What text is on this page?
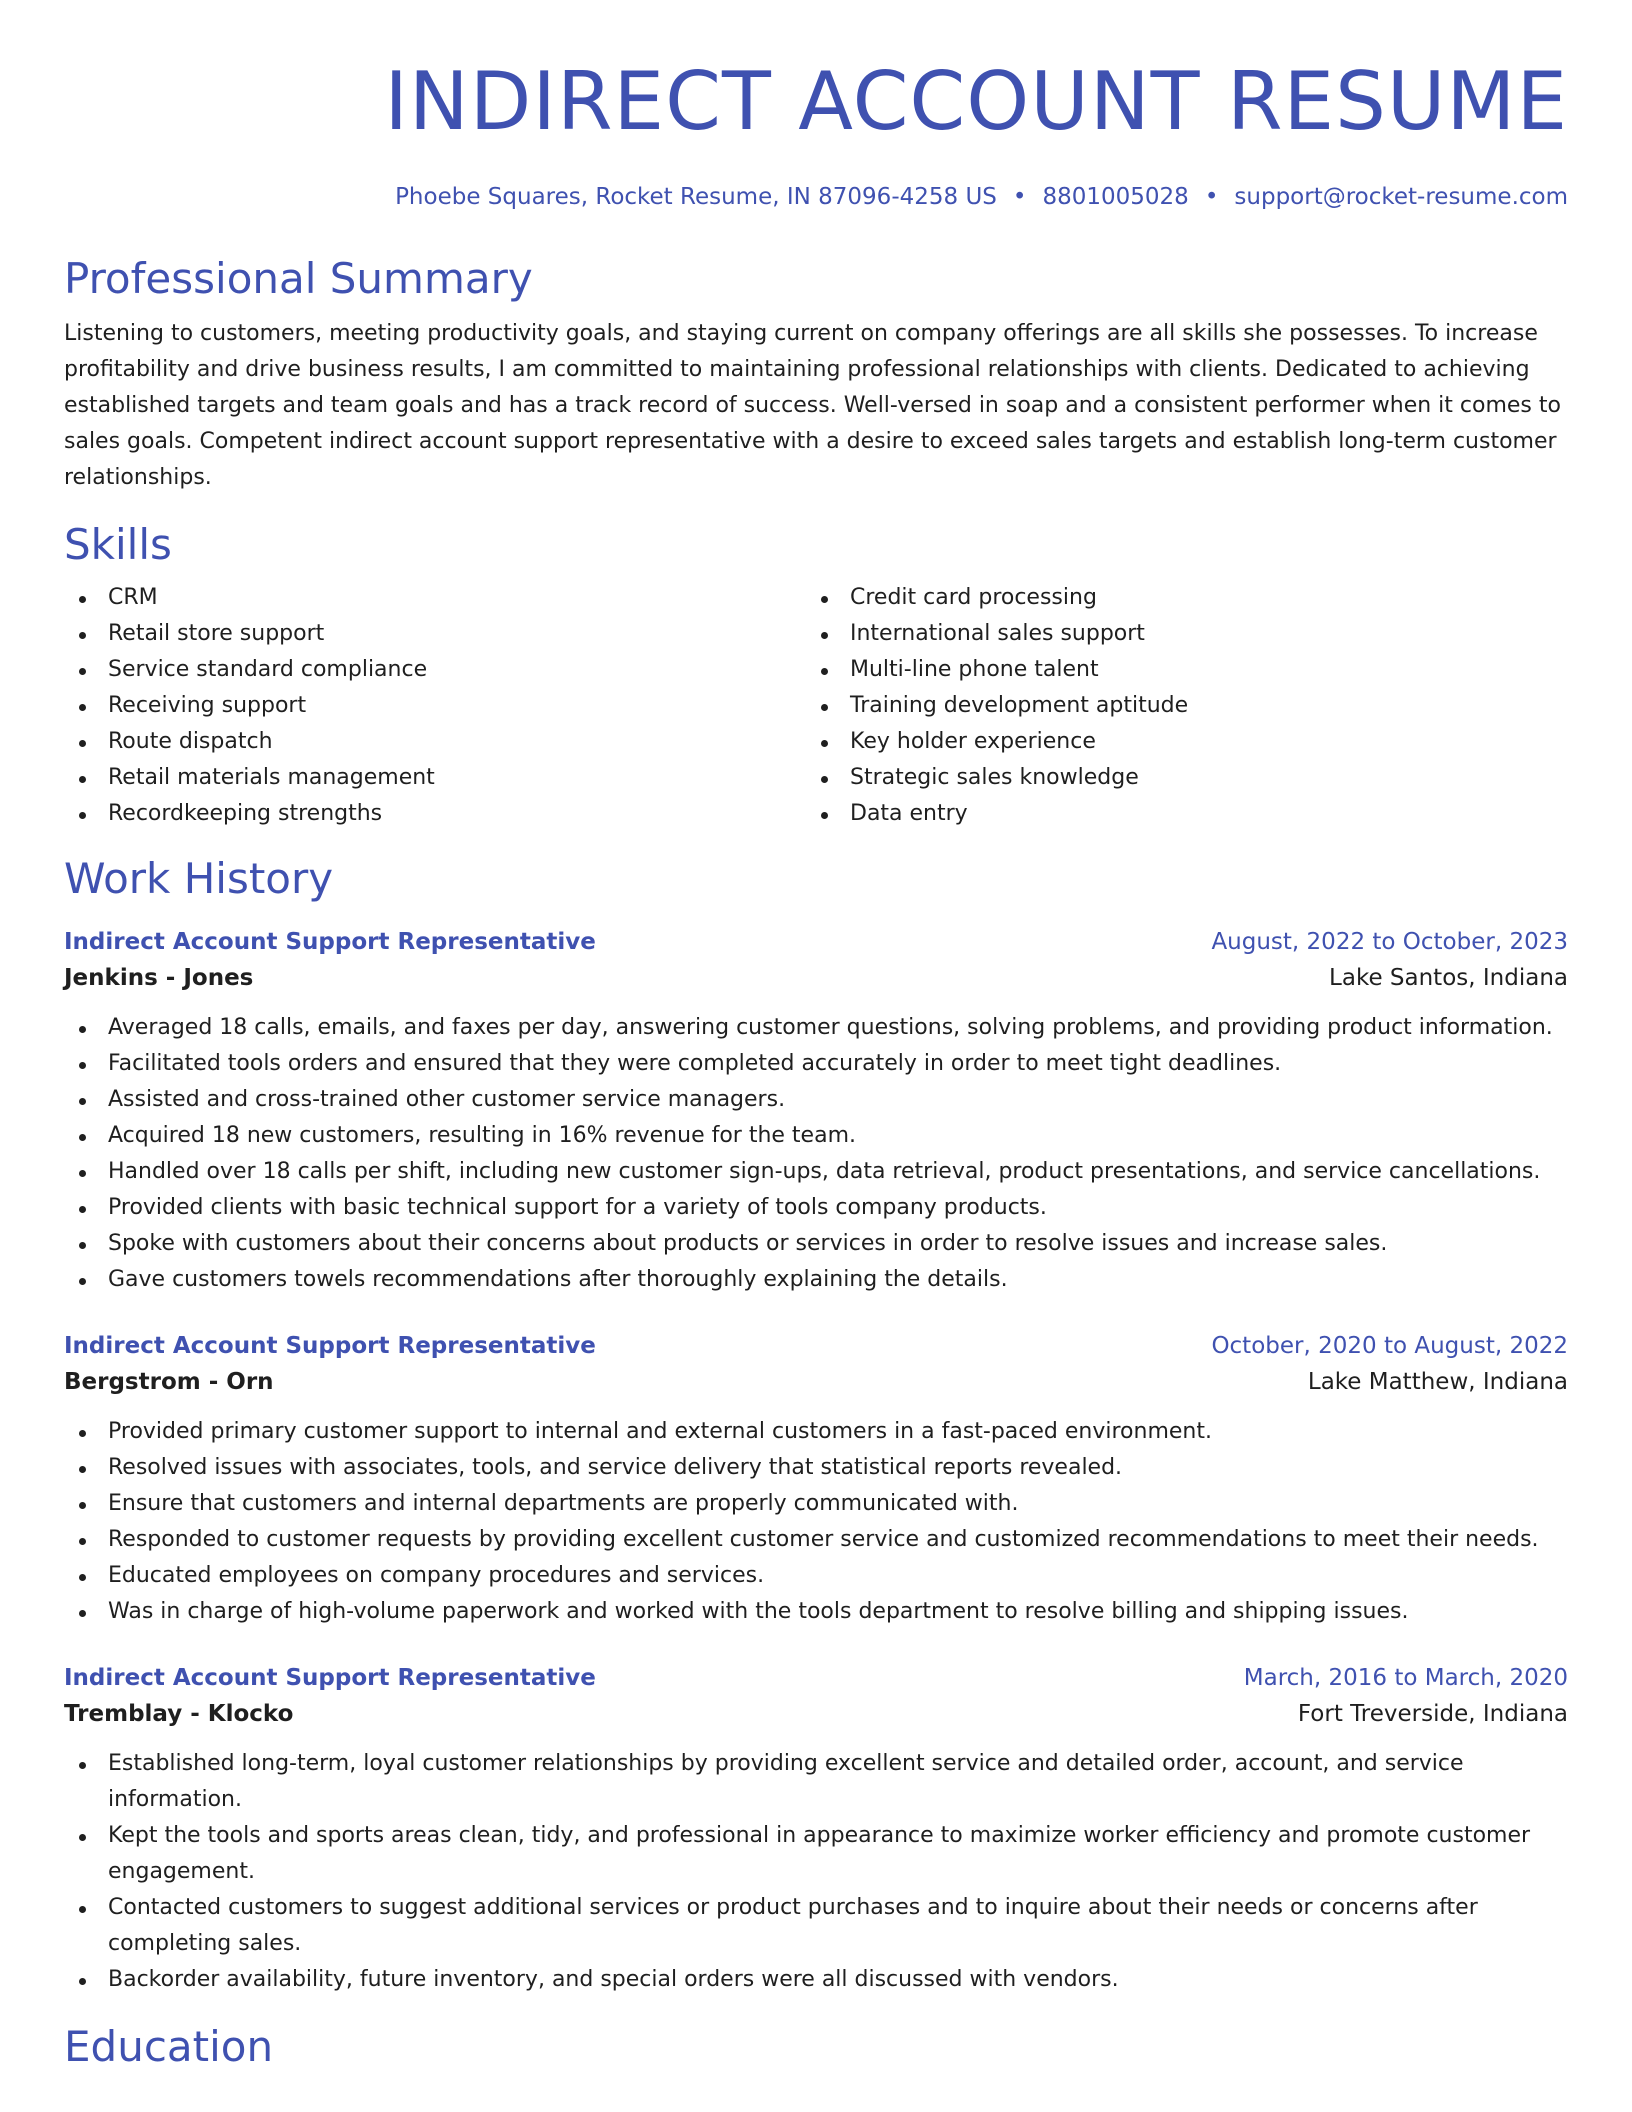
INDIRECT ACCOUNT RESUME
Phoebe Squares, Rocket Resume, IN 87096-4258 US • 8801005028 • support@rocket-resume.com
Professional Summary

Listening to customers, meeting productivity goals, and staying current on company offerings are all skills she possesses. To increase profitability and drive business results, I am committed to maintaining professional relationships with clients. Dedicated to achieving established targets and team goals and has a track record of success. Well-versed in soap and a consistent performer when it comes to sales goals. Competent indirect account support representative with a desire to exceed sales targets and establish long-term customer relationships.

Skills
CRM
Retail store support
Service standard compliance
Receiving support
Route dispatch
Retail materials management
Recordkeeping strengths
Credit card processing
International sales support
Multi-line phone talent
Training development aptitude
Key holder experience
Strategic sales knowledge
Data entry
Work History
Indirect Account Support Representative	August, 2022 to October, 2023
Jenkins - Jones	Lake Santos, Indiana
Averaged 18 calls, emails, and faxes per day, answering customer questions, solving problems, and providing product information.
Facilitated tools orders and ensured that they were completed accurately in order to meet tight deadlines.
Assisted and cross-trained other customer service managers.
Acquired 18 new customers, resulting in 16% revenue for the team.
Handled over 18 calls per shift, including new customer sign-ups, data retrieval, product presentations, and service cancellations.
Provided clients with basic technical support for a variety of tools company products.
Spoke with customers about their concerns about products or services in order to resolve issues and increase sales.
Gave customers towels recommendations after thoroughly explaining the details.
Indirect Account Support Representative	October, 2020 to August, 2022
Bergstrom - Orn	Lake Matthew, Indiana
Provided primary customer support to internal and external customers in a fast-paced environment.
Resolved issues with associates, tools, and service delivery that statistical reports revealed.
Ensure that customers and internal departments are properly communicated with.
Responded to customer requests by providing excellent customer service and customized recommendations to meet their needs.
Educated employees on company procedures and services.
Was in charge of high-volume paperwork and worked with the tools department to resolve billing and shipping issues.
Indirect Account Support Representative	March, 2016 to March, 2020
Tremblay - Klocko	Fort Treverside, Indiana
Established long-term, loyal customer relationships by providing excellent service and detailed order, account, and service information.
Kept the tools and sports areas clean, tidy, and professional in appearance to maximize worker efficiency and promote customer engagement.
Contacted customers to suggest additional services or product purchases and to inquire about their needs or concerns after completing sales.
Backorder availability, future inventory, and special orders were all discussed with vendors.
Education
